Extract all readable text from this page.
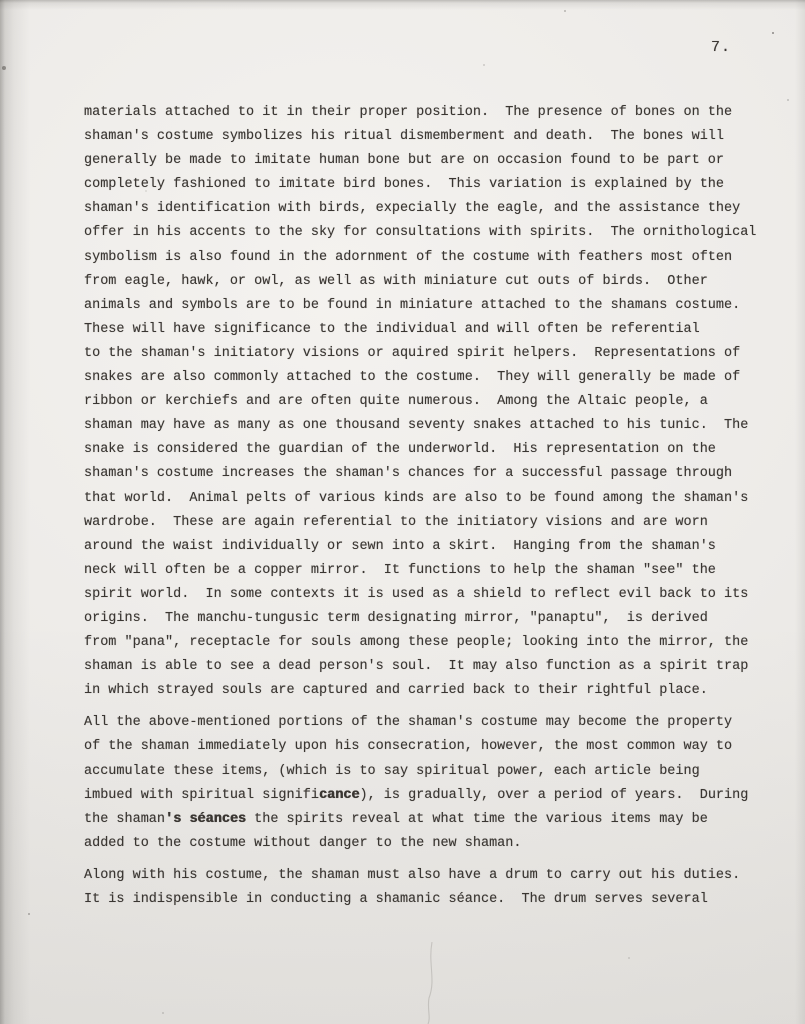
7.
materials attached to it in their proper position.  The presence of bones on the
shaman's costume symbolizes his ritual dismemberment and death.  The bones will
generally be made to imitate human bone but are on occasion found to be part or
completely fashioned to imitate bird bones.  This variation is explained by the
shaman's identification with birds, expecially the eagle, and the assistance they
offer in his accents to the sky for consultations with spirits.  The ornithological
symbolism is also found in the adornment of the costume with feathers most often
from eagle, hawk, or owl, as well as with miniature cut outs of birds.  Other
animals and symbols are to be found in miniature attached to the shamans costume.
These will have significance to the individual and will often be referential
to the shaman's initiatory visions or aquired spirit helpers.  Representations of
snakes are also commonly attached to the costume.  They will generally be made of
ribbon or kerchiefs and are often quite numerous.  Among the Altaic people, a
shaman may have as many as one thousand seventy snakes attached to his tunic.  The
snake is considered the guardian of the underworld.  His representation on the
shaman's costume increases the shaman's chances for a successful passage through
that world.  Animal pelts of various kinds are also to be found among the shaman's
wardrobe.  These are again referential to the initiatory visions and are worn
around the waist individually or sewn into a skirt.  Hanging from the shaman's
neck will often be a copper mirror.  It functions to help the shaman "see" the
spirit world.  In some contexts it is used as a shield to reflect evil back to its
origins.  The manchu-tungusic term designating mirror, "panaptu",  is derived
from "pana", receptacle for souls among these people; looking into the mirror, the
shaman is able to see a dead person's soul.  It may also function as a spirit trap
in which strayed souls are captured and carried back to their rightful place.
All the above-mentioned portions of the shaman's costume may become the property
of the shaman immediately upon his consecration, however, the most common way to
accumulate these items, (which is to say spiritual power, each article being
imbued with spiritual significance), is gradually, over a period of years.  During
the shaman's séances the spirits reveal at what time the various items may be
added to the costume without danger to the new shaman.
Along with his costume, the shaman must also have a drum to carry out his duties.
It is indispensible in conducting a shamanic séance.  The drum serves several
